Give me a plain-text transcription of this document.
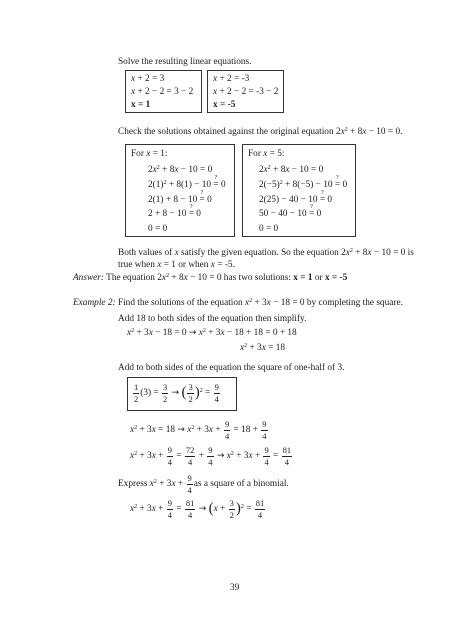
Solve the resulting linear equations.
x + 2 = 3
x + 2 − 2 = 3 − 2
x = 1
x + 2 = -3
x + 2 − 2 = -3 − 2
x = -5
Check the solutions obtained against the original equation $2x^2 + 8x - 10 = 0$.
For x = 1:
$2x^2 + 8x - 10 = 0$
$2(1)^2 + 8(1) - 10$ ? = 0
2(1) + 8 − 10 ? = 0
2 + 8 − 10 ? = 0
0 = 0
For x = 5:
$2x^2 + 8x - 10 = 0$
$2(-5)^2 + 8(-5) - 10$ ? = 0
2(25) − 40 − 10 ? = 0
50 − 40 − 10 ? = 0
0 = 0
Both values of x satisfy the given equation. So the equation $2x^2 + 8x - 10 = 0$ is
true when x = 1 or when x = -5.
Answer: The equation $2x^2 + 8x - 10 = 0$ has two solutions: x = 1 or x = -5
Example 2: Find the solutions of the equation $x^2 + 3x - 18 = 0$ by completing the square.
Add 18 to both sides of the equation then simplify.
$x^2 + 3x - 18 = 0 \to x^2 + 3x - 18 + 18 = 0 + 18$
$x^2 + 3x = 18$
Add to both sides of the equation the square of one-half of 3.
$\frac{1}{2} (3) = \frac{3}{2}$ → ( $\frac{3}{2} )^2 = \frac{9}{4}$
$x^2 + 3x = 18 \to x^2 + 3x + \frac{9}{4} = 18 + \frac{9}{4}$
$x^2 + 3x + \frac{9}{4} = \frac{72}{4} + \frac{9}{4} \to x^2 + 3x + \frac{9}{4} = \frac{81}{4}$
Express $x^2 + 3x + \frac{9}{4}$ as a square of a binomial.
$x^2 + 3x + \frac{9}{4} = \frac{81}{4} \to (x + \frac{3}{2} )^2 = \frac{81}{4}$
39
